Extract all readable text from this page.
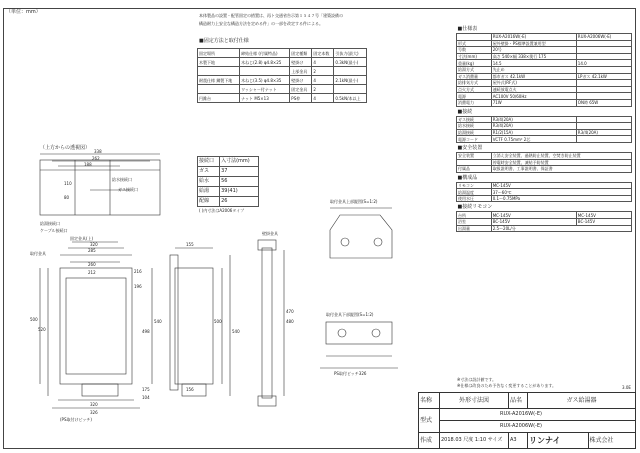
（単位：mm）
本体製品の設置・配管固定の措置は、再ト交通省告示第１５４７号「建築設備の
構造耐力上安全な構造方法を定める件」の一部を改定する件による。
■固定方法と取付仕様
固定場所	締結仕様 (付属特品)	固定種類	固定本数	引抜力(最大)
木製下地	木ねじ(2.8) φ4.8×25	壁掛け	4	0.3kN(最小)
		上部金具	2	
耐震仕様 鋼製下地	木ねじ(3.5) φ4.8×35	壁掛け	4	2.1kN(最小)
	ワッシャー付ナット	固定金具	2	
円錐台	ナット M5×13	PS枠	4	0.5kN/本以上
接続口	入寸法(mm)
ガス	37
給水	56
給湯	39(41)
配線	26
( )内寸法はA2006タイプ
（上方からの透視図）
338
262
188
110
80
給水接続口
ガス接続口
給湯接続口
ケーブル接続口
固定金具(上)
取付金具
320
285
260
212	216
196
500
520
540
498
175
104
320
326
(PS取付けピッチ)
壁掛金具
155
156
500
540
470
480
取付金具上部縦図(S=1:2)
取付金具下部縦図(S=1:2)
PS取付ピッチ326
■仕様表		
	RUX-A2016W(-E)	RUX-A2006W(-E)
形式	屋外壁掛・PS標準設置兼用型	
号数	20号	
寸法(mm)	高さ 540×幅 338×奥行 175	
重量(kg)	14.5	14.0
給湯方式	先止め	
ガス消費量	都市ガス 42.1kW	LPガス 42.1kW
給排気方式	屋外式(RF式)	
点火方式	連続放電点火	
電源	AC100V 50/60Hz	
消費電力	71W	ON時 65W
■接続		
ガス接続	R3/4(20A)	
給水接続	R3/4(20A)	
給湯接続	R1/2(15A)	R3/4(20A)
電源コード	VCTF 0.75mm² 2芯	
■安全装置		
安全装置	立消え安全装置、過熱防止装置、空焚き防止装置	
	停電時安全装置、凍結予防装置	
付属品	取扱説明書、工事説明書、保証書	
■構成品		
リモコン	MC-145V	
給湯温度	37〜60℃	
使用水圧	0.1〜0.75MPa	
■接続リモコン		
台所	MC-145V	MC-145V
浴室	BC-145V	BC-145V
出湯量	2.5〜20L/分	
※寸法は設計値です。
※仕様は改良のため予告なく変更することがあります。	3.0E
名称	外形寸法図	品名	ガス給湯器	
型式	RUX-A2016W(-E)			
	RUX-A2006W(-E)			
作成	2018.03 尺度 1:10 サイズ	A3	リンナイ	株式会社
